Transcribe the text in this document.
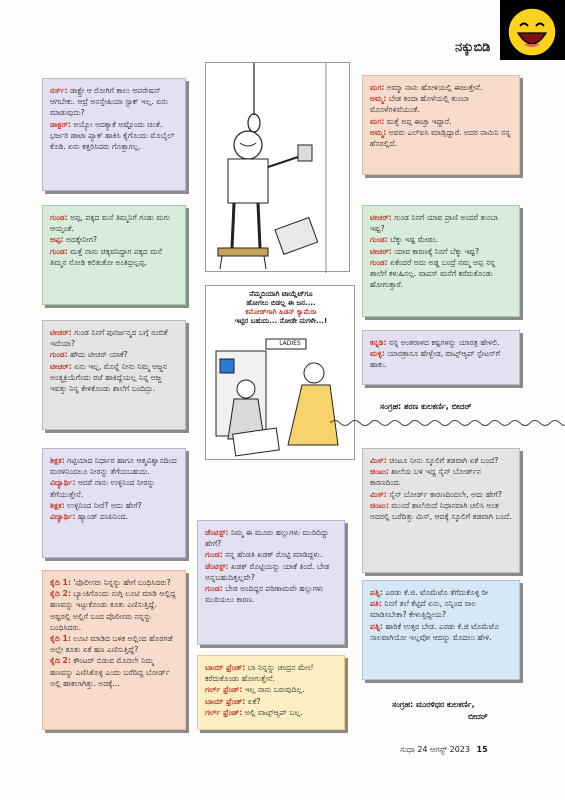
ನಕ್ಕುಬಿಡಿ

ನರ್ಸ್: ಡಾಕ್ಟ್ರೇ ಆ ರೋಗಿಗೆ ಕಾಲು ಆಪರೇಷನ್ ಆಗಬೇಕು. ಆದ್ರೆ ಅನಸ್ತೇಷಿಯಾ ಸ್ಟಾಕ್ ಇಲ್ಲ. ಏನು ಮಾಡುವುದು?

ಡಾಕ್ಟರ್: ಅಯ್ಯೋ ಅದಕ್ಯಾಕೆ ಅಷ್ಟೊಂದು ಚಿಂತೆ. ಭರ್ಜರಿ ಡಾಟಾ ಪ್ಯಾಕ್ ಹಾಕಿಸಿ ಕೈಗೊಂದು ಮೊಬೈಲ್ ಕೊಡಿ. ಏನು ಕತ್ತರಿಸಿದರು ಗೊತ್ತಾಗಲ್ಲ.

ಗುಂಡ: ಅಪ್ಪ, ಪಕ್ಕದ ಮನೆ ತಿಮ್ಮನಿಗೆ ಗಂಡು ಮಗು ಆಯ್ತಂತೆ.

ಅಪ್ಪ: ಅದಕ್ಕೇನೀಗ?

ಗುಂಡ: ಮತ್ತೆ ನಾನು ಚಿಕ್ಕವನಿದ್ದಾಗ ಪಕ್ಕದ ಮನೆ ತಿಮ್ಮನ ನೋಡಿ ಕಲಿತುಕೋ ಅಂತಿದ್ರಲ್ಲಪ್ಪ.

ಟೀಚರ್: ಗುಂಡ ನಿನಗೆ ಪುನರ್ಜನ್ಮದ ಬಗ್ಗೆ ನಂಬಿಕೆ ಇದೆಯಾ?

ಗುಂಡ: ಹೌದು ಟೀಚರ್ ಯಾಕೆ?

ಟೀಚರ್: ಏನು ಇಲ್ಲ, ಮೊನ್ನೆ ನೀನು ನಿಮ್ಮ ಅಜ್ಜನ ಅಂತ್ಯಕ್ರಿಯೆಗೆಂದು ರಜೆ ಹಾಕಿದ್ದೆಯಲ್ಲ ನಿನ್ನ ಅಜ್ಜ ಇವತ್ತು ನಿನ್ನ ಕೇಳಿಕೊಂಡು ಶಾಲೆಗೆ ಬಂದಿದ್ರು.

ಶಿಕ್ಷಕ: ಗಟ್ಟಿಯಾದ ನಿರ್ಧಾರ ಹಾಗೂ ಆತ್ಮವಿಶ್ವಾಸದಿಂದ ಮರಳಿನಿಂದಲೂ ನೀರನ್ನು ತೆಗೆಯಬಹುದು.

ವಿದ್ಯಾರ್ಥಿ: ಆದರೆ ನಾನು ಉಳ್ಳಿನಿಂದ ನೀರನ್ನು ತೆಗೆಯುತ್ತೇನೆ.

ಶಿಕ್ಷಕ: ಉಳ್ಳಿನಿಂದ ನೀರೆ? ಅದು ಹೇಗೆ?

ವಿದ್ಯಾರ್ಥಿ: ಹ್ಯಾಂಡ್ ಪಂಪಿನಿಂದ.

ಕೈದಿ 1: 'ಪೊಲೀಸರು ನಿನ್ನನ್ನು ಹೇಗೆ ಬಂಧಿಸಿದರು?

ಕೈದಿ 2: ಬ್ಯಾಂಕಿಗೊಂದು ನುಗ್ಗಿ ಲೂಟಿ ಮಾಡಿ ಅಲ್ಲಿದ್ದ ಹಣವನ್ನು ಇಟ್ಟುಕೊಂಡು ಕೂತು ಎಣಿಸುತ್ತಿದ್ದೆ. ಅಷ್ಟರಲ್ಲಿ ಅಲ್ಲಿಗೆ ಬಂದ ಪೊಲೀಸರು ನನ್ನನ್ನು ಬಂಧಿಸಿದರು.

ಕೈದಿ 1: ಲೂಟಿ ಮಾಡಿದ ಬಳಿಕ ಅಲ್ಲಿಂದ ಹೊರಗಡೆ ಅಲ್ಲೇ ಕೂತು ಏಕೆ ಹಣ ಎಣಿಸುತ್ತಿದ್ದೆ?

ಕೈದಿ 2: ಕೌಂಟರ್ ಬಿಡುವ ಮೊದಲೇ ನಿಮ್ಮ ಹಣವನ್ನು ಎಣಿಸಿಕೊಳ್ಳಿ ಎಂದು ಬರೆದಿದ್ದ ಬೋರ್ಡ್ ಅಲ್ಲಿ ಹಾಕಲಾಗಿತ್ತು. ಅದಕ್ಕೆ...

ನೆಮ್ಮದಿಯಾಗಿ ಟಾಯ್ಲೆಟ್‌ಗೂ
ಹೋಗಲು ಬಿಡಲ್ಲ ಈ ಜನ....
ಕಮೋಡ್‌ಗಾಗಿ ಹಿಡನ್ ಕ್ಯಾಮೆರಾ
ಇಟ್ಟಿರ ಬಹುದು... ನೋಡೇ ಮಗಳೇ...!
LADIES

ಡೆಂಟಿಸ್ಟ್: ನಿಮ್ಮ ಈ ಮೂರು ಹಲ್ಲುಗಳು ಮುರಿದಿದ್ದು ಹೇಗೆ?

ಗುಂಡ: ನನ್ನ ಹೆಂಡತಿ ಖಡಕ್ ರೊಟ್ಟಿ ಮಾಡಿದ್ದಳು.

ಡೆಂಟಿಸ್ಟ್: ಖಡಕ್ ರೊಟ್ಟಿಯನ್ನು ಯಾಕೆ ತಿಂದೆ. ಬೇಡ ಅನ್ನಬಹುದಿತ್ತಲ್ಲವೇ?

ಗುಂಡ: ಬೇಡ ಅಂದಿದ್ದರ ಪರಿಣಾಮವೇ ಹಲ್ಲುಗಳು ಮುರಿಯಲು ಕಾರಣ.

ಬಾಯ್ ಫ್ರೆಂಡ್: ಬಾ ನಿನ್ನನ್ನು ಚಂದ್ರನ ಮೇಲೆ ಕರೆದುಕೊಂಡು ಹೋಗುತ್ತೇನೆ.

ಗರ್ಲ್ ಫ್ರೆಂಡ್: ಇಲ್ಲ ನಾನು ಬರುವುದಿಲ್ಲ.

ಬಾಯ್ ಫ್ರೆಂಡ್: ಏಕೆ?

ಗರ್ಲ್ ಫ್ರೆಂಡ್: ಅಲ್ಲಿ ವಾಟ್ಸ್ಆ್ಯಪ್ ಬಲ್ಲ.

ಮಗ: ಅಮ್ಮಾ ನಾನು ಹೋಳಿಯಲ್ಲಿ ಈಜುತ್ತೇನೆ.

ಅಮ್ಮ: ಬೇಡ ಕಂದಾ ಹೊಳೆಯಲ್ಲಿ ತುಂಬಾ ಮೊಸಳೆಗಳಿವೆಯಂತೆ.

ಮಗ: ಮತ್ತೆ ಅಪ್ಪ ಈಜ್ತಾ ಇದ್ದಾರೆ.

ಅಮ್ಮ: ಅವರು ಎಲ್ಐಸಿ ಮಾಡ್ಸಿದ್ದಾರೆ. ಅದರ ನಾಮಿನಿ ನನ್ನ ಹೆಸರಲ್ಲಿದೆ.

ಟೀಚರ್: ಗುಂಡ ನಿನಗೆ ಯಾವ ಪ್ರಾಣಿ ಅಂದರೆ ತುಂಬಾ ಇಷ್ಟ?

ಗುಂಡ: ಬೆಕ್ಕು ಇಷ್ಟ ಮೇಡಂ.

ಟೀಚರ್: ಯಾವ ಕಾರಣಕ್ಕೆ ನಿನಗೆ ಬೆಕ್ಕು ಇಷ್ಟ?

ಗುಂಡ: ಏಕೆಂದರೆ ಅದು ಅಡ್ಡ ಬಂದ್ರೆ ನಮ್ಮ ಅಪ್ಪ ನನ್ನ ಶಾಲೆಗೆ ಕಳುಹಿಸಲ್ಲ. ವಾಪಸ್ ಮನೆಗೆ ಕರೆದುಕೊಂಡು ಹೋಗುತ್ತಾರೆ.

ಕನ್ನಡಿ: ನನ್ನ ಅಂತರಾಳದ ಕಷ್ಟಗಳನ್ನು ಯಾರತ್ರ ಹೇಳಲಿ.

ಮಳ್ಳಿ: ಯಾರತ್ರಾನೂ ಹೇಳ್ಬೇಡ, ವಾಟ್ಸ್ಆ್ಯಪ್ ಸ್ಟೇಟಸ್‌ಗೆ ಹಾಕು.

ಸಂಗ್ರಹ: ಶರಣ ಕುಲಕರ್ಣಿ, ಬೀದರ್

ಮಿಸ್: ಚಿಂಟೂ ನೀನು ಸ್ಕೂಲಿಗೆ ತಡವಾಗಿ ಏಕೆ ಬಂದೆ?

ಚಿಂಟು: ಶಾಲೆಯ ಬಳಿ ಇದ್ದ ಸೈನ್ ಬೋರ್ಡ್‌ನ ಕಾರಣದಿಂದ.

ಮಿಸ್: ಸೈನ್ ಬೋರ್ಡ್ ಕಾರಣದಿಂದಲೇ, ಅದು ಹೇಗೆ?

ಚಿಂಟು: ಮುಂದೆ ಶಾಲೆಯಿದೆ ನಿಧಾನವಾಗಿ ಚಲಿಸಿ ಅಂತ ಅದರಲ್ಲಿ ಬರೆದಿತ್ತು ಮಿಸ್, ಆದಕ್ಕೆ ಸ್ಕೂಲಿಗೆ ತಡವಾಗಿ ಬಂದೆ.

ಪತ್ನಿ: ಎರಡು ಕೆ.ಜಿ. ಟೊಮೆಟೊ ತೆಗೆದುಕೊಳ್ಳಿ ರೀ

ಪತಿ: ನಿನಗೆ ತಲೆ ಕೆಟ್ಟಿದೆ ಏನು, ನನ್ನಿಂದ ಸಾಲ ಮಾಡಿಸಬೇಕಾ? ಕೇಳುತ್ತಿದ್ದೀಯ?

ಪತ್ನಿ: ಹಾರಿಕೆ ಉತ್ತರ ಬೇಡ. ಎರಡು ಕೆ.ಜಿ ಟೊಮೆಟೊ ಸಾಲವಾಗಿಯೋ ಇಲ್ಲವೋ ಆದನ್ನು ಮೊದಲು ಹೇಳಿ.

ಸಂಗ್ರಹ: ಮುರಳಿಧರ ಕುಲಕರ್ಣಿ,
ಬೀದರ್
ಸುಧಾ 24 ಆಗಸ್ಟ್ 2023 15
